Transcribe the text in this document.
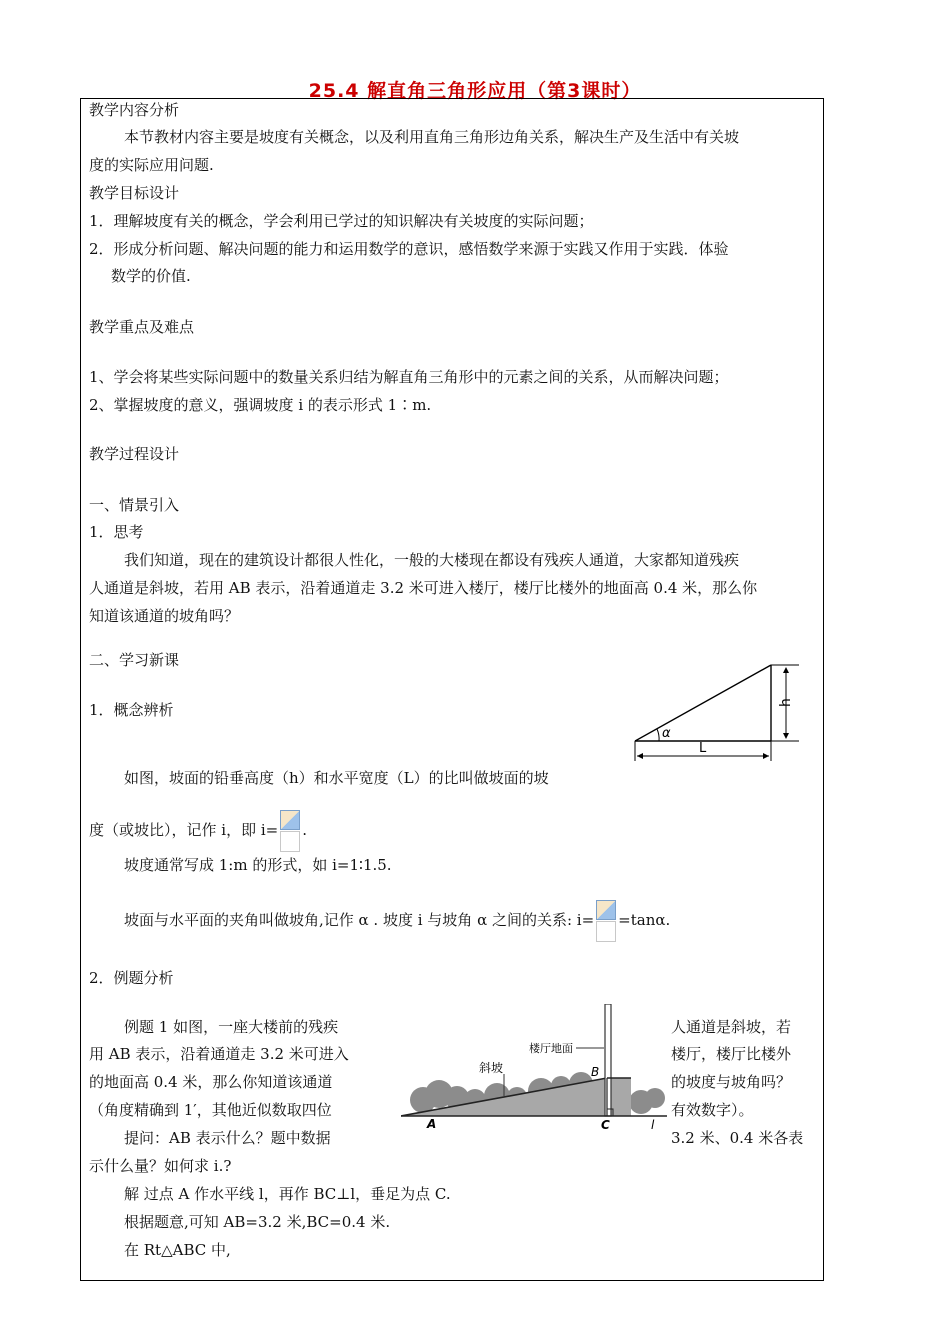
25.4 解直角三角形应用（第3课时）
教学内容分析
本节教材内容主要是坡度有关概念，以及利用直角三角形边角关系，解决生产及生活中有关坡
度的实际应用问题.
教学目标设计
1．理解坡度有关的概念，学会利用已学过的知识解决有关坡度的实际问题；
2．形成分析问题、解决问题的能力和运用数学的意识，感悟数学来源于实践又作用于实践．体验
数学的价值.
教学重点及难点
1、学会将某些实际问题中的数量关系归结为解直角三角形中的元素之间的关系，从而解决问题；
2、掌握坡度的意义，强调坡度 i 的表示形式 1∶m.
教学过程设计
一、情景引入
1．思考
我们知道，现在的建筑设计都很人性化，一般的大楼现在都设有残疾人通道，大家都知道残疾
人通道是斜坡，若用 AB 表示，沿着通道走 3.2 米可进入楼厅，楼厅比楼外的地面高 0.4 米，那么你
知道该通道的坡角吗？
二、学习新课
1．概念辨析	h
L
α
如图，坡面的铅垂高度（h）和水平宽度（L）的比叫做坡面的坡
度（或坡比），记作 i，即 i= .
坡度通常写成 1:m 的形式，如 i=1∶1.5.
坡面与水平面的夹角叫做坡角,记作 α . 坡度 i 与坡角 α 之间的关系: i= =tanα.
2．例题分析
例题 1 如图，一座大楼前的残疾
用 AB 表示，沿着通道走 3.2 米可进入
的地面高 0.4 米，那么你知道该通道
（角度精确到 1′，其他近似数取四位
提问：AB 表示什么？题中数据
示什么量？如何求 i.?
人通道是斜坡，若
楼厅，楼厅比楼外
的坡度与坡角吗？
有效数字）。
3.2 米、0.4 米各表
楼厅地面
斜坡	B
A	C	l
解 过点 A 作水平线 l，再作 BC⊥l，垂足为点 C.
根据题意,可知 AB=3.2 米,BC=0.4 米.
在 Rt△ABC 中,
